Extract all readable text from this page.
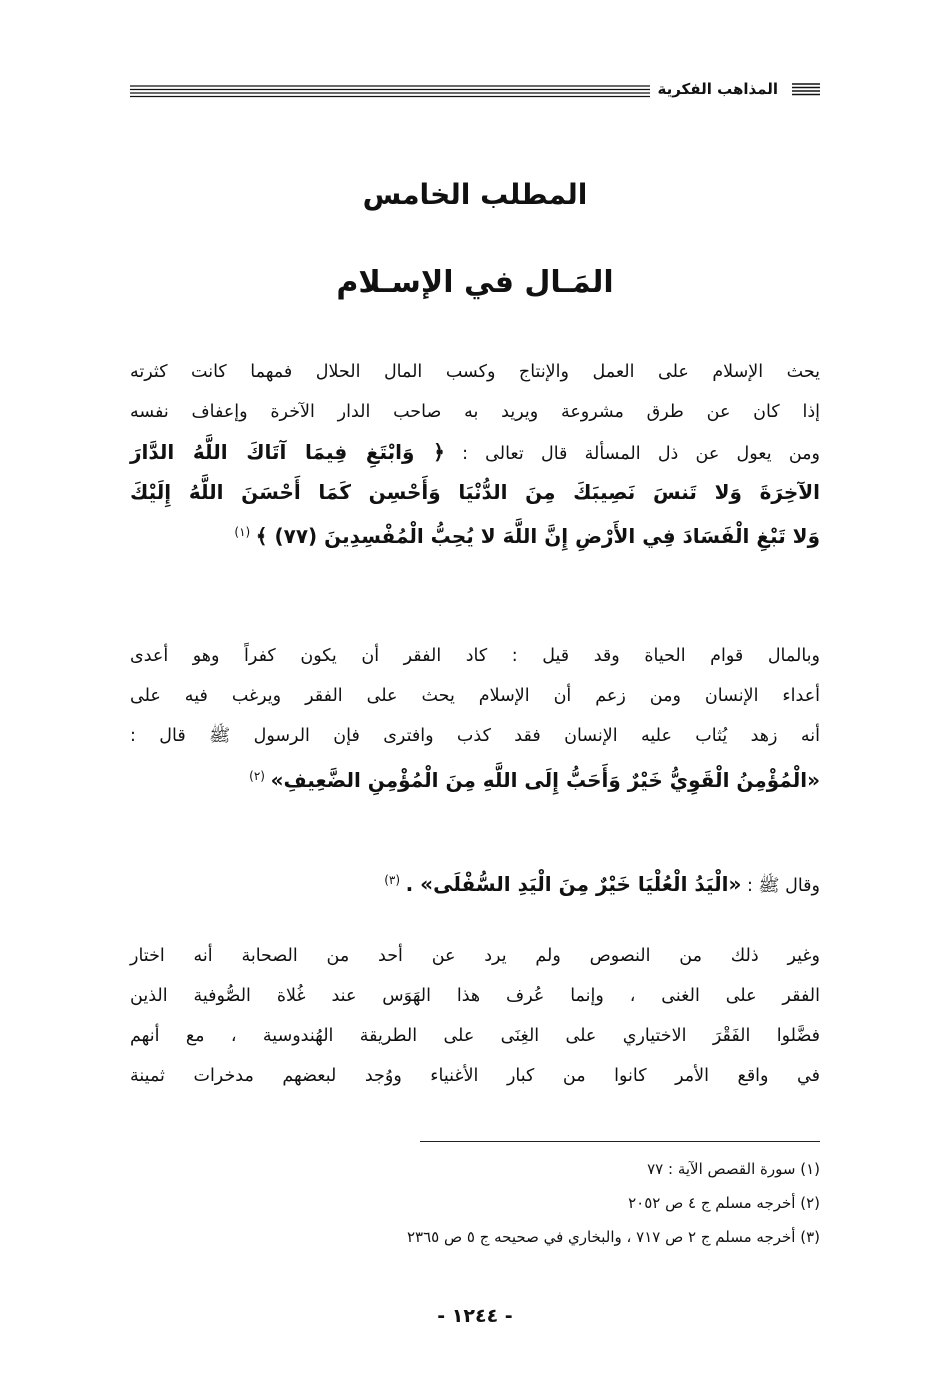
المذاهب الفكرية
المطلب الخامس
المَـال في الإسـلام
يحث الإسلام على العمل والإنتاج وكسب المال الحلال فمهما كانت كثرته
إذا كان عن طرق مشروعة ويريد به صاحب الدار الآخرة وإعفاف نفسه
ومن يعول عن ذل المسألة قال تعالى : ﴿ وَابْتَغِ فِيمَا آتَاكَ اللَّهُ الدَّارَ
الآخِرَةَ وَلا تَنسَ نَصِيبَكَ مِنَ الدُّنْيَا وَأَحْسِن كَمَا أَحْسَنَ اللَّهُ إِلَيْكَ
وَلا تَبْغِ الْفَسَادَ فِي الأَرْضِ إِنَّ اللَّهَ لا يُحِبُّ الْمُفْسِدِينَ (٧٧) ﴾ $^{(١)}$
وبالمال قوام الحياة وقد قيل : كاد الفقر أن يكون كفراً وهو أعدى
أعداء الإنسان ومن زعم أن الإسلام يحث على الفقر ويرغب فيه على
أنه زهد يُثاب عليه الإنسان فقد كذب وافترى فإن الرسول ﷺ قال :
«الْمُؤْمِنُ الْقَوِيُّ خَيْرٌ وَأَحَبُّ إِلَى اللَّهِ مِنَ الْمُؤْمِنِ الضَّعِيفِ» $^{(٢)}$
وقال ﷺ : «الْيَدُ الْعُلْيَا خَيْرٌ مِنَ الْيَدِ السُّفْلَى» . $^{(٣)}$
وغير ذلك من النصوص ولم يرد عن أحد من الصحابة أنه اختار
الفقر على الغنى ، وإنما عُرف هذا الهَوَس عند غُلاة الصُّوفية الذين
فضَّلوا الفَقْرَ الاختياري على الغِنَى على الطريقة الهُندوسية ، مع أنهم
في واقع الأمر كانوا من كبار الأغنياء ووُجد لبعضهم مدخرات ثمينة
(١) سورة القصص الآية : ٧٧
(٢) أخرجه مسلم ج ٤ ص ٢٠٥٢
(٣) أخرجه مسلم ج ٢ ص ٧١٧ ، والبخاري في صحيحه ج ٥ ص ٢٣٦٥
- ١٢٤٤ -
